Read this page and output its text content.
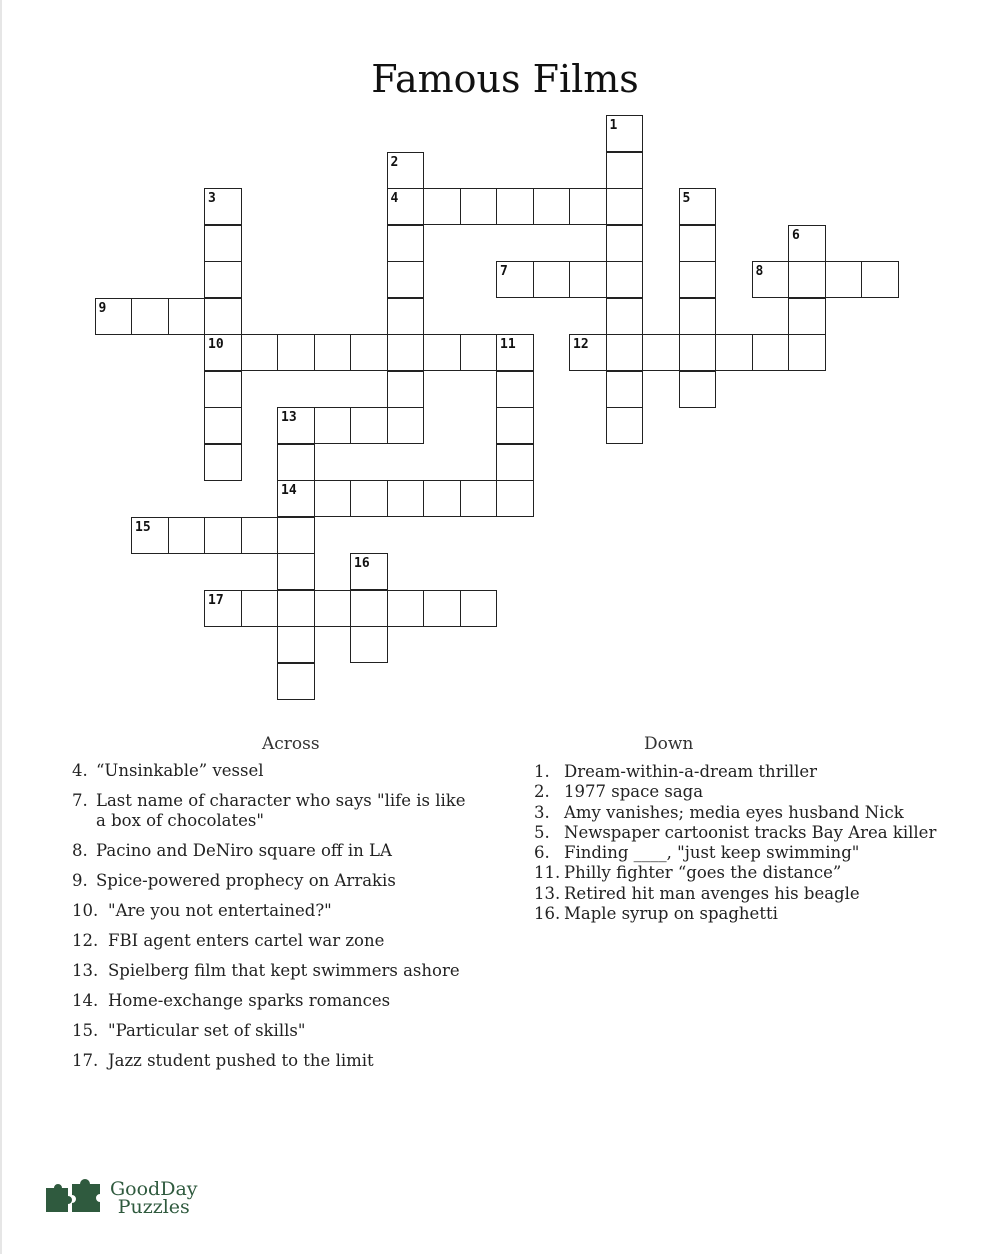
Famous Films
1
2
4
3
10
5
6
7	8
9
11	12
13
14
15
16
17
Across
4. “Unsinkable” vessel
7. Last name of character who says "life is like a box of chocolates"
8. Pacino and DeNiro square off in LA
9. Spice-powered prophecy on Arrakis
10. "Are you not entertained?"
12. FBI agent enters cartel war zone
13. Spielberg film that kept swimmers ashore
14. Home-exchange sparks romances
15. "Particular set of skills"
17. Jazz student pushed to the limit
Down
1. Dream-within-a-dream thriller
2. 1977 space saga
3. Amy vanishes; media eyes husband Nick
5. Newspaper cartoonist tracks Bay Area killer
6. Finding ____, "just keep swimming"
11. Philly fighter “goes the distance”
13. Retired hit man avenges his beagle
16. Maple syrup on spaghetti
GoodDay
Puzzles
